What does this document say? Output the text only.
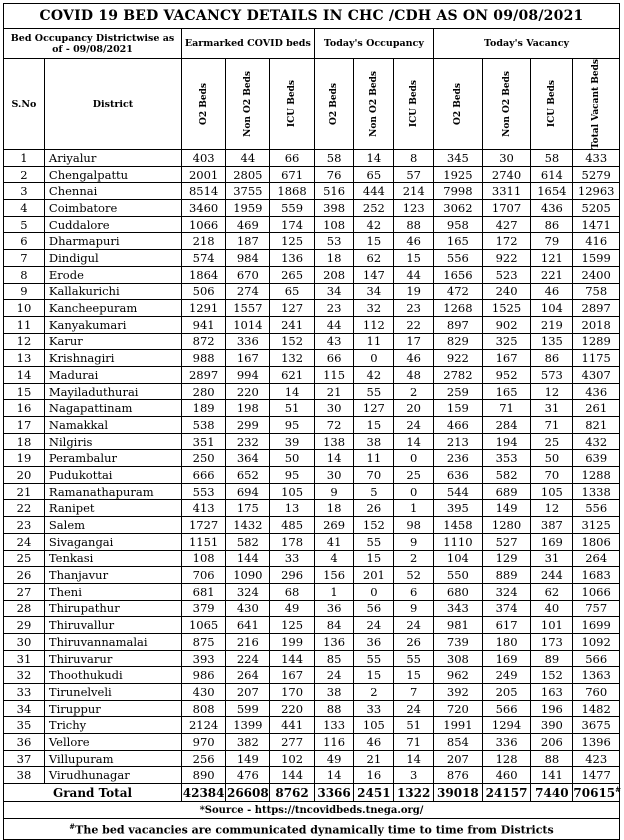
COVID 19 BED VACANCY DETAILS IN CHC /CDH AS ON 09/08/2021											
Bed Occupancy Districtwise as of - 09/08/2021		Earmarked COVID beds			Today's Occupancy			Today's Vacancy			
S.No	District	O2 Beds	Non O2 Beds	ICU Beds	O2 Beds	Non O2 Beds	ICU Beds	O2 Beds	Non O2 Beds	ICU Beds	Total Vacant Beds

1	Ariyalur	403	44	66	58	14	8	345	30	58	433
2	Chengalpattu	2001	2805	671	76	65	57	1925	2740	614	5279
3	Chennai	8514	3755	1868	516	444	214	7998	3311	1654	12963
4	Coimbatore	3460	1959	559	398	252	123	3062	1707	436	5205
5	Cuddalore	1066	469	174	108	42	88	958	427	86	1471
6	Dharmapuri	218	187	125	53	15	46	165	172	79	416
7	Dindigul	574	984	136	18	62	15	556	922	121	1599
8	Erode	1864	670	265	208	147	44	1656	523	221	2400
9	Kallakurichi	506	274	65	34	34	19	472	240	46	758
10	Kancheepuram	1291	1557	127	23	32	23	1268	1525	104	2897
11	Kanyakumari	941	1014	241	44	112	22	897	902	219	2018
12	Karur	872	336	152	43	11	17	829	325	135	1289
13	Krishnagiri	988	167	132	66	0	46	922	167	86	1175
14	Madurai	2897	994	621	115	42	48	2782	952	573	4307
15	Mayiladuthurai	280	220	14	21	55	2	259	165	12	436
16	Nagapattinam	189	198	51	30	127	20	159	71	31	261
17	Namakkal	538	299	95	72	15	24	466	284	71	821
18	Nilgiris	351	232	39	138	38	14	213	194	25	432
19	Perambalur	250	364	50	14	11	0	236	353	50	639
20	Pudukottai	666	652	95	30	70	25	636	582	70	1288
21	Ramanathapuram	553	694	105	9	5	0	544	689	105	1338
22	Ranipet	413	175	13	18	26	1	395	149	12	556
23	Salem	1727	1432	485	269	152	98	1458	1280	387	3125
24	Sivagangai	1151	582	178	41	55	9	1110	527	169	1806
25	Tenkasi	108	144	33	4	15	2	104	129	31	264
26	Thanjavur	706	1090	296	156	201	52	550	889	244	1683
27	Theni	681	324	68	1	0	6	680	324	62	1066
28	Thirupathur	379	430	49	36	56	9	343	374	40	757
29	Thiruvallur	1065	641	125	84	24	24	981	617	101	1699
30	Thiruvannamalai	875	216	199	136	36	26	739	180	173	1092
31	Thiruvarur	393	224	144	85	55	55	308	169	89	566
32	Thoothukudi	986	264	167	24	15	15	962	249	152	1363
33	Tirunelveli	430	207	170	38	2	7	392	205	163	760
34	Tiruppur	808	599	220	88	33	24	720	566	196	1482
35	Trichy	2124	1399	441	133	105	51	1991	1294	390	3675
36	Vellore	970	382	277	116	46	71	854	336	206	1396
37	Villupuram	256	149	102	49	21	14	207	128	88	423
38	Virudhunagar	890	476	144	14	16	3	876	460	141	1477
Grand Total		42384	26608	8762	3366	2451	1322	39018	24157	7440	70615#
*Source - https://tncovidbeds.tnega.org/											
#The bed vacancies are communicated dynamically time to time from Districts											
